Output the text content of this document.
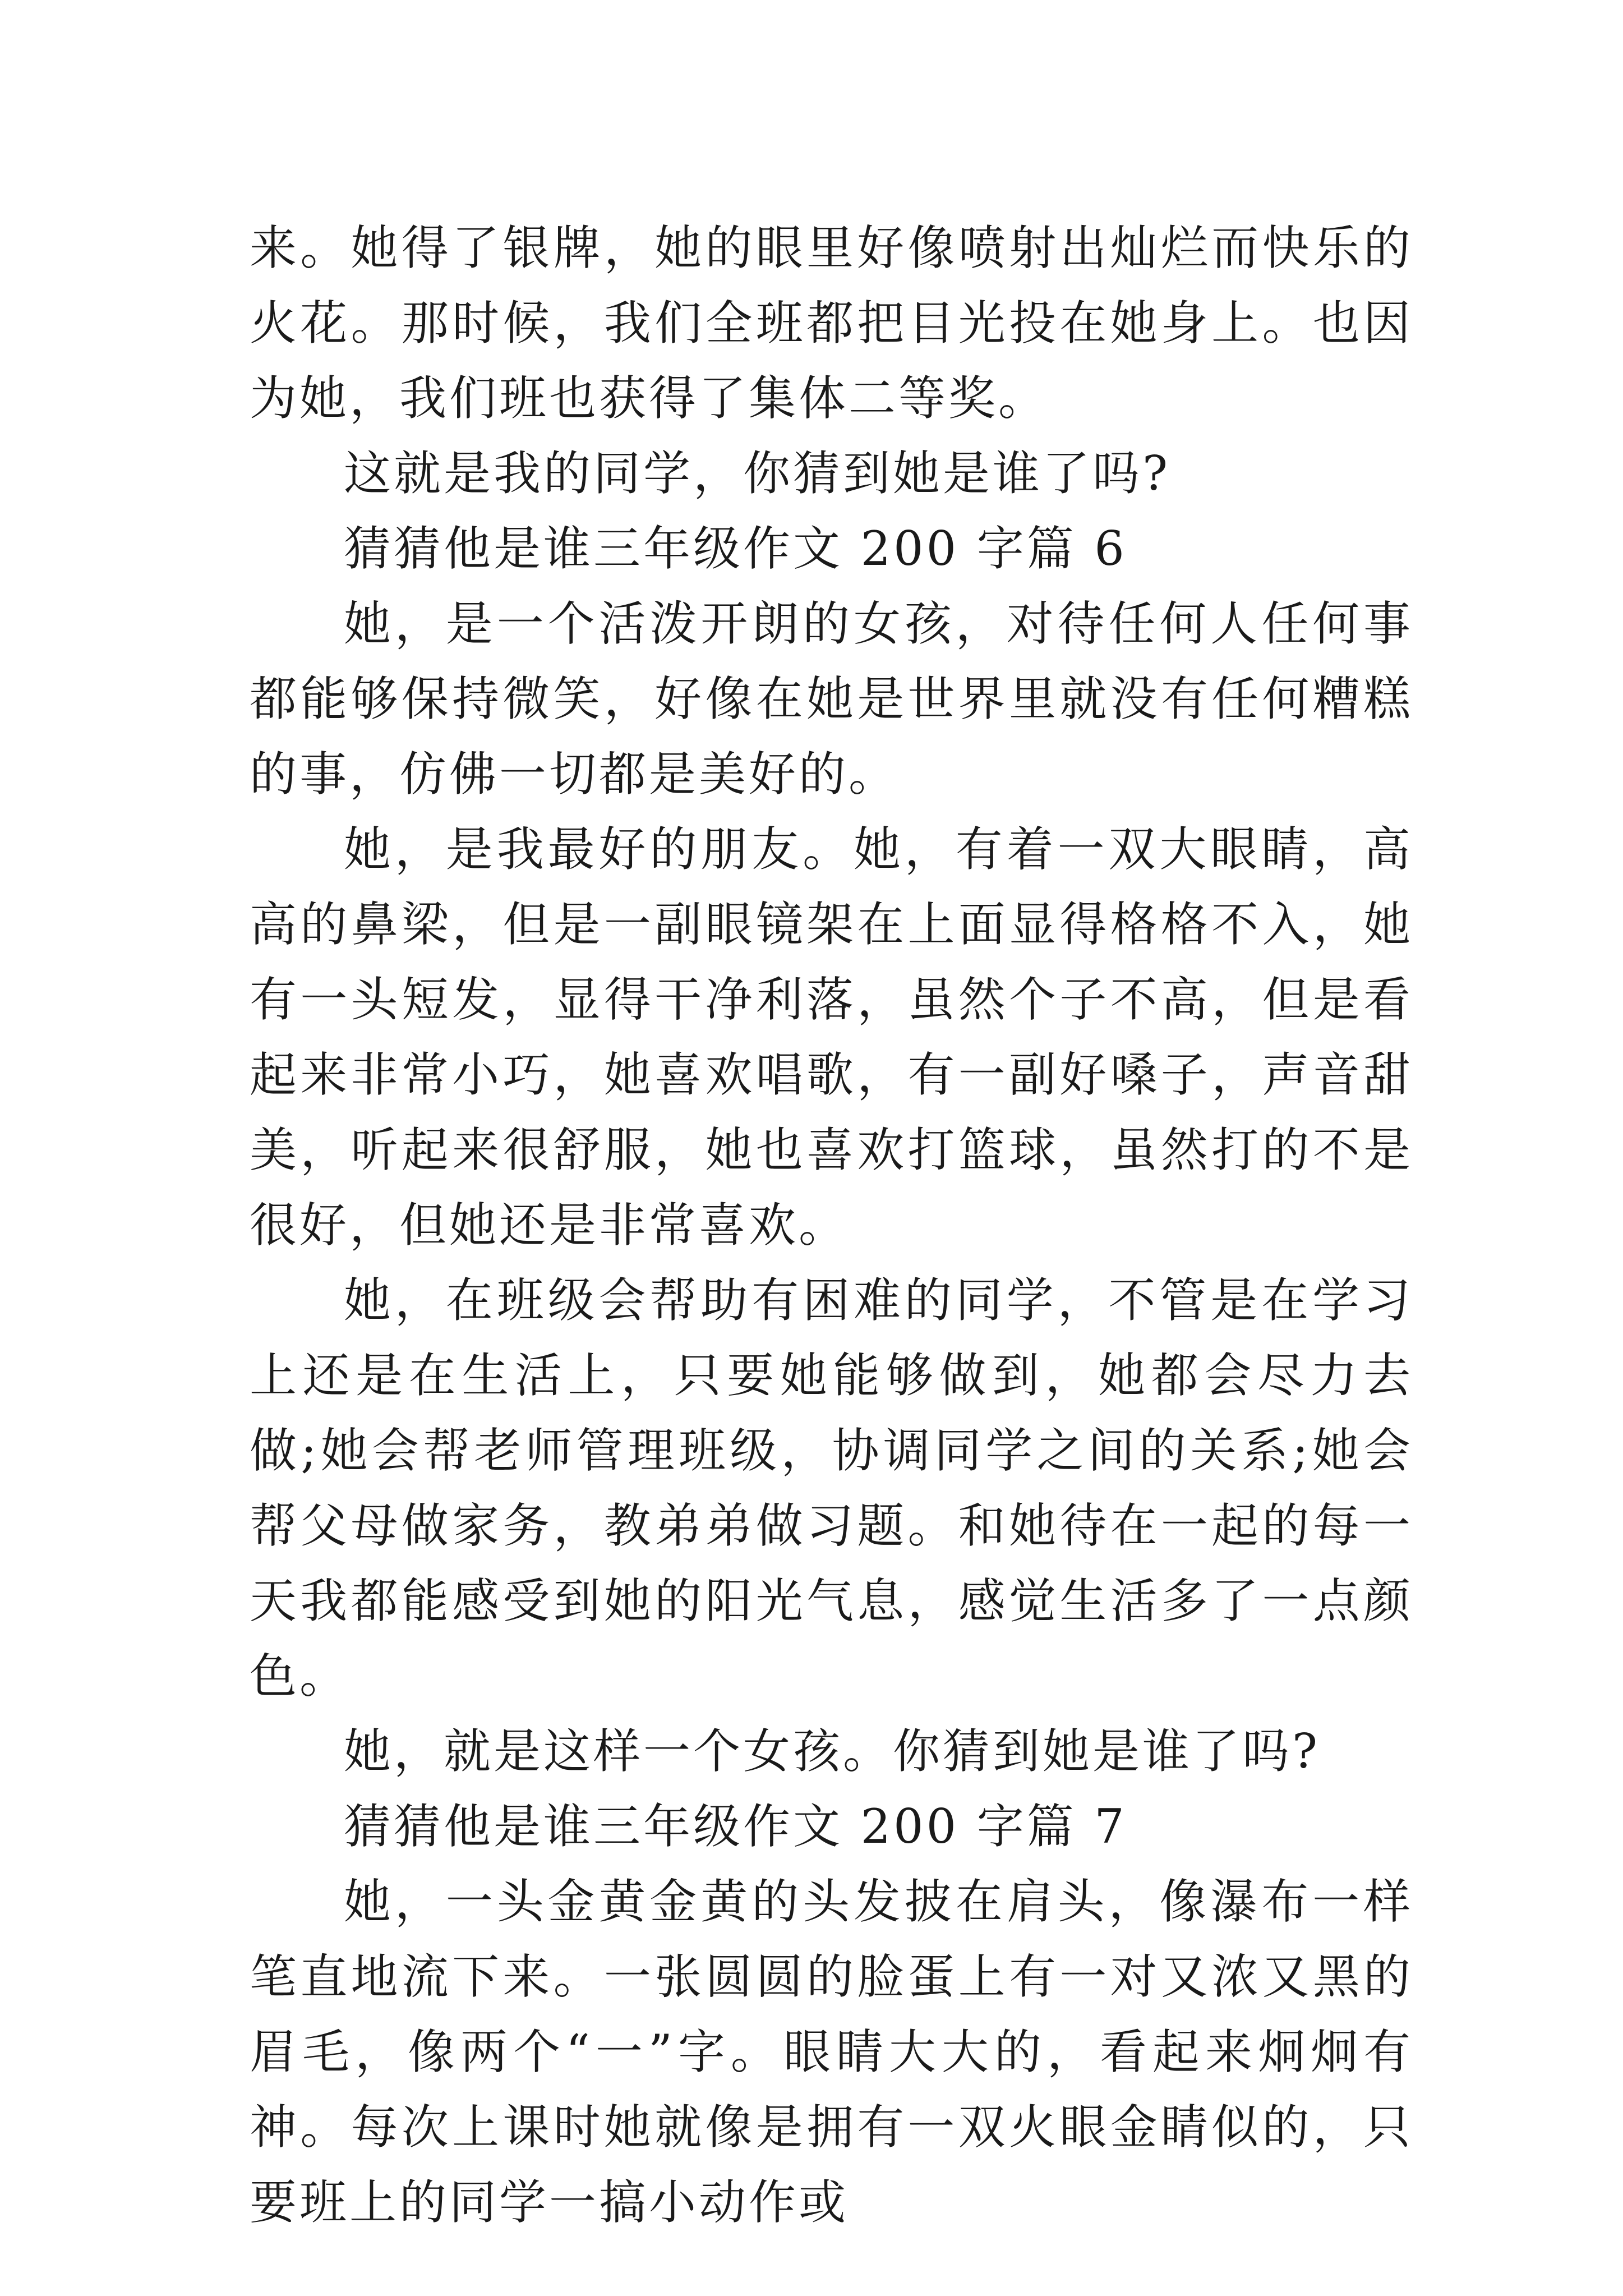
来。她得了银牌，她的眼里好像喷射出灿烂而快乐的火花。那时候，我们全班都把目光投在她身上。也因为她，我们班也获得了集体二等奖。

这就是我的同学，你猜到她是谁了吗?

猜猜他是谁三年级作文 200 字篇 6

她，是一个活泼开朗的女孩，对待任何人任何事都能够保持微笑，好像在她是世界里就没有任何糟糕的事，仿佛一切都是美好的。

她，是我最好的朋友。她，有着一双大眼睛，高高的鼻梁，但是一副眼镜架在上面显得格格不入，她有一头短发，显得干净利落，虽然个子不高，但是看起来非常小巧，她喜欢唱歌，有一副好嗓子，声音甜美，听起来很舒服，她也喜欢打篮球，虽然打的不是很好，但她还是非常喜欢。

她，在班级会帮助有困难的同学，不管是在学习上还是在生活上，只要她能够做到，她都会尽力去做;她会帮老师管理班级，协调同学之间的关系;她会帮父母做家务，教弟弟做习题。和她待在一起的每一天我都能感受到她的阳光气息，感觉生活多了一点颜色。

她，就是这样一个女孩。你猜到她是谁了吗?

猜猜他是谁三年级作文 200 字篇 7

她，一头金黄金黄的头发披在肩头，像瀑布一样笔直地流下来。一张圆圆的脸蛋上有一对又浓又黑的眉毛，像两个“一”字。眼睛大大的，看起来炯炯有神。每次上课时她就像是拥有一双火眼金睛似的，只要班上的同学一搞小动作或
